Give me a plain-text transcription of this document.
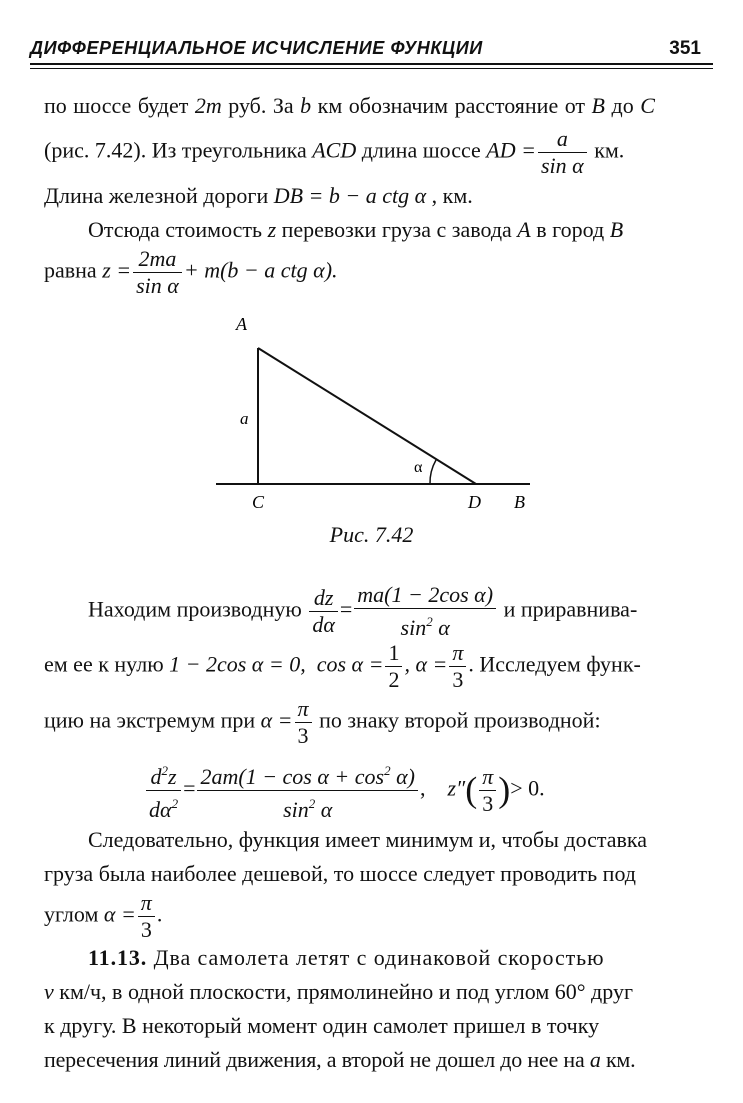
ДИФФЕРЕНЦИАЛЬНОЕ ИСЧИСЛЕНИЕ ФУНКЦИИ	351
по шоссе будет 2m руб. За b км обозначим расстояние от B до C
(рис. 7.42). Из треугольника ACD длина шоссе AD = $\frac{a}{\text{sin α}}$ км.
Длина железной дороги DB = b − a ctg α , км.
Отсюда стоимость z перевозки груза с завода A в город B
равна $z = \frac{2ma}{\text{sin α}} + m(b - a$ ctg α).
A
a
α
C	D B
Рис. 7.42
Находим производную $\frac{dz}{d\alpha} = \frac{\text{ma(1 − 2cos α)}}{\sin^2 \alpha}$ и приравнива-
ем ее к нулю 1 − 2cos α = 0, $\cos \alpha = \frac{1}{2}$ , $\alpha = \frac{\pi}{3}$ . Исследуем функ-
цию на экстремум при $\alpha = \frac{\pi}{3}$ по знаку второй производной:
$\frac{d^2z}{d\alpha^2} = \frac{2am(1 - \cos \alpha + \cos^2 \alpha)}{\sin^2 \alpha}$ , $z''( \frac{\pi}{3}$ )> 0.
Следовательно, функция имеет минимум и, чтобы доставка
груза была наиболее дешевой, то шоссе следует проводить под
углом $\alpha = \frac{\pi}{3}$ .
11.13. Два самолета летят с одинаковой скоростью
v км/ч, в одной плоскости, прямолинейно и под углом 60° друг
к другу. В некоторый момент один самолет пришел в точку
пересечения линий движения, а второй не дошел до нее на a км.
